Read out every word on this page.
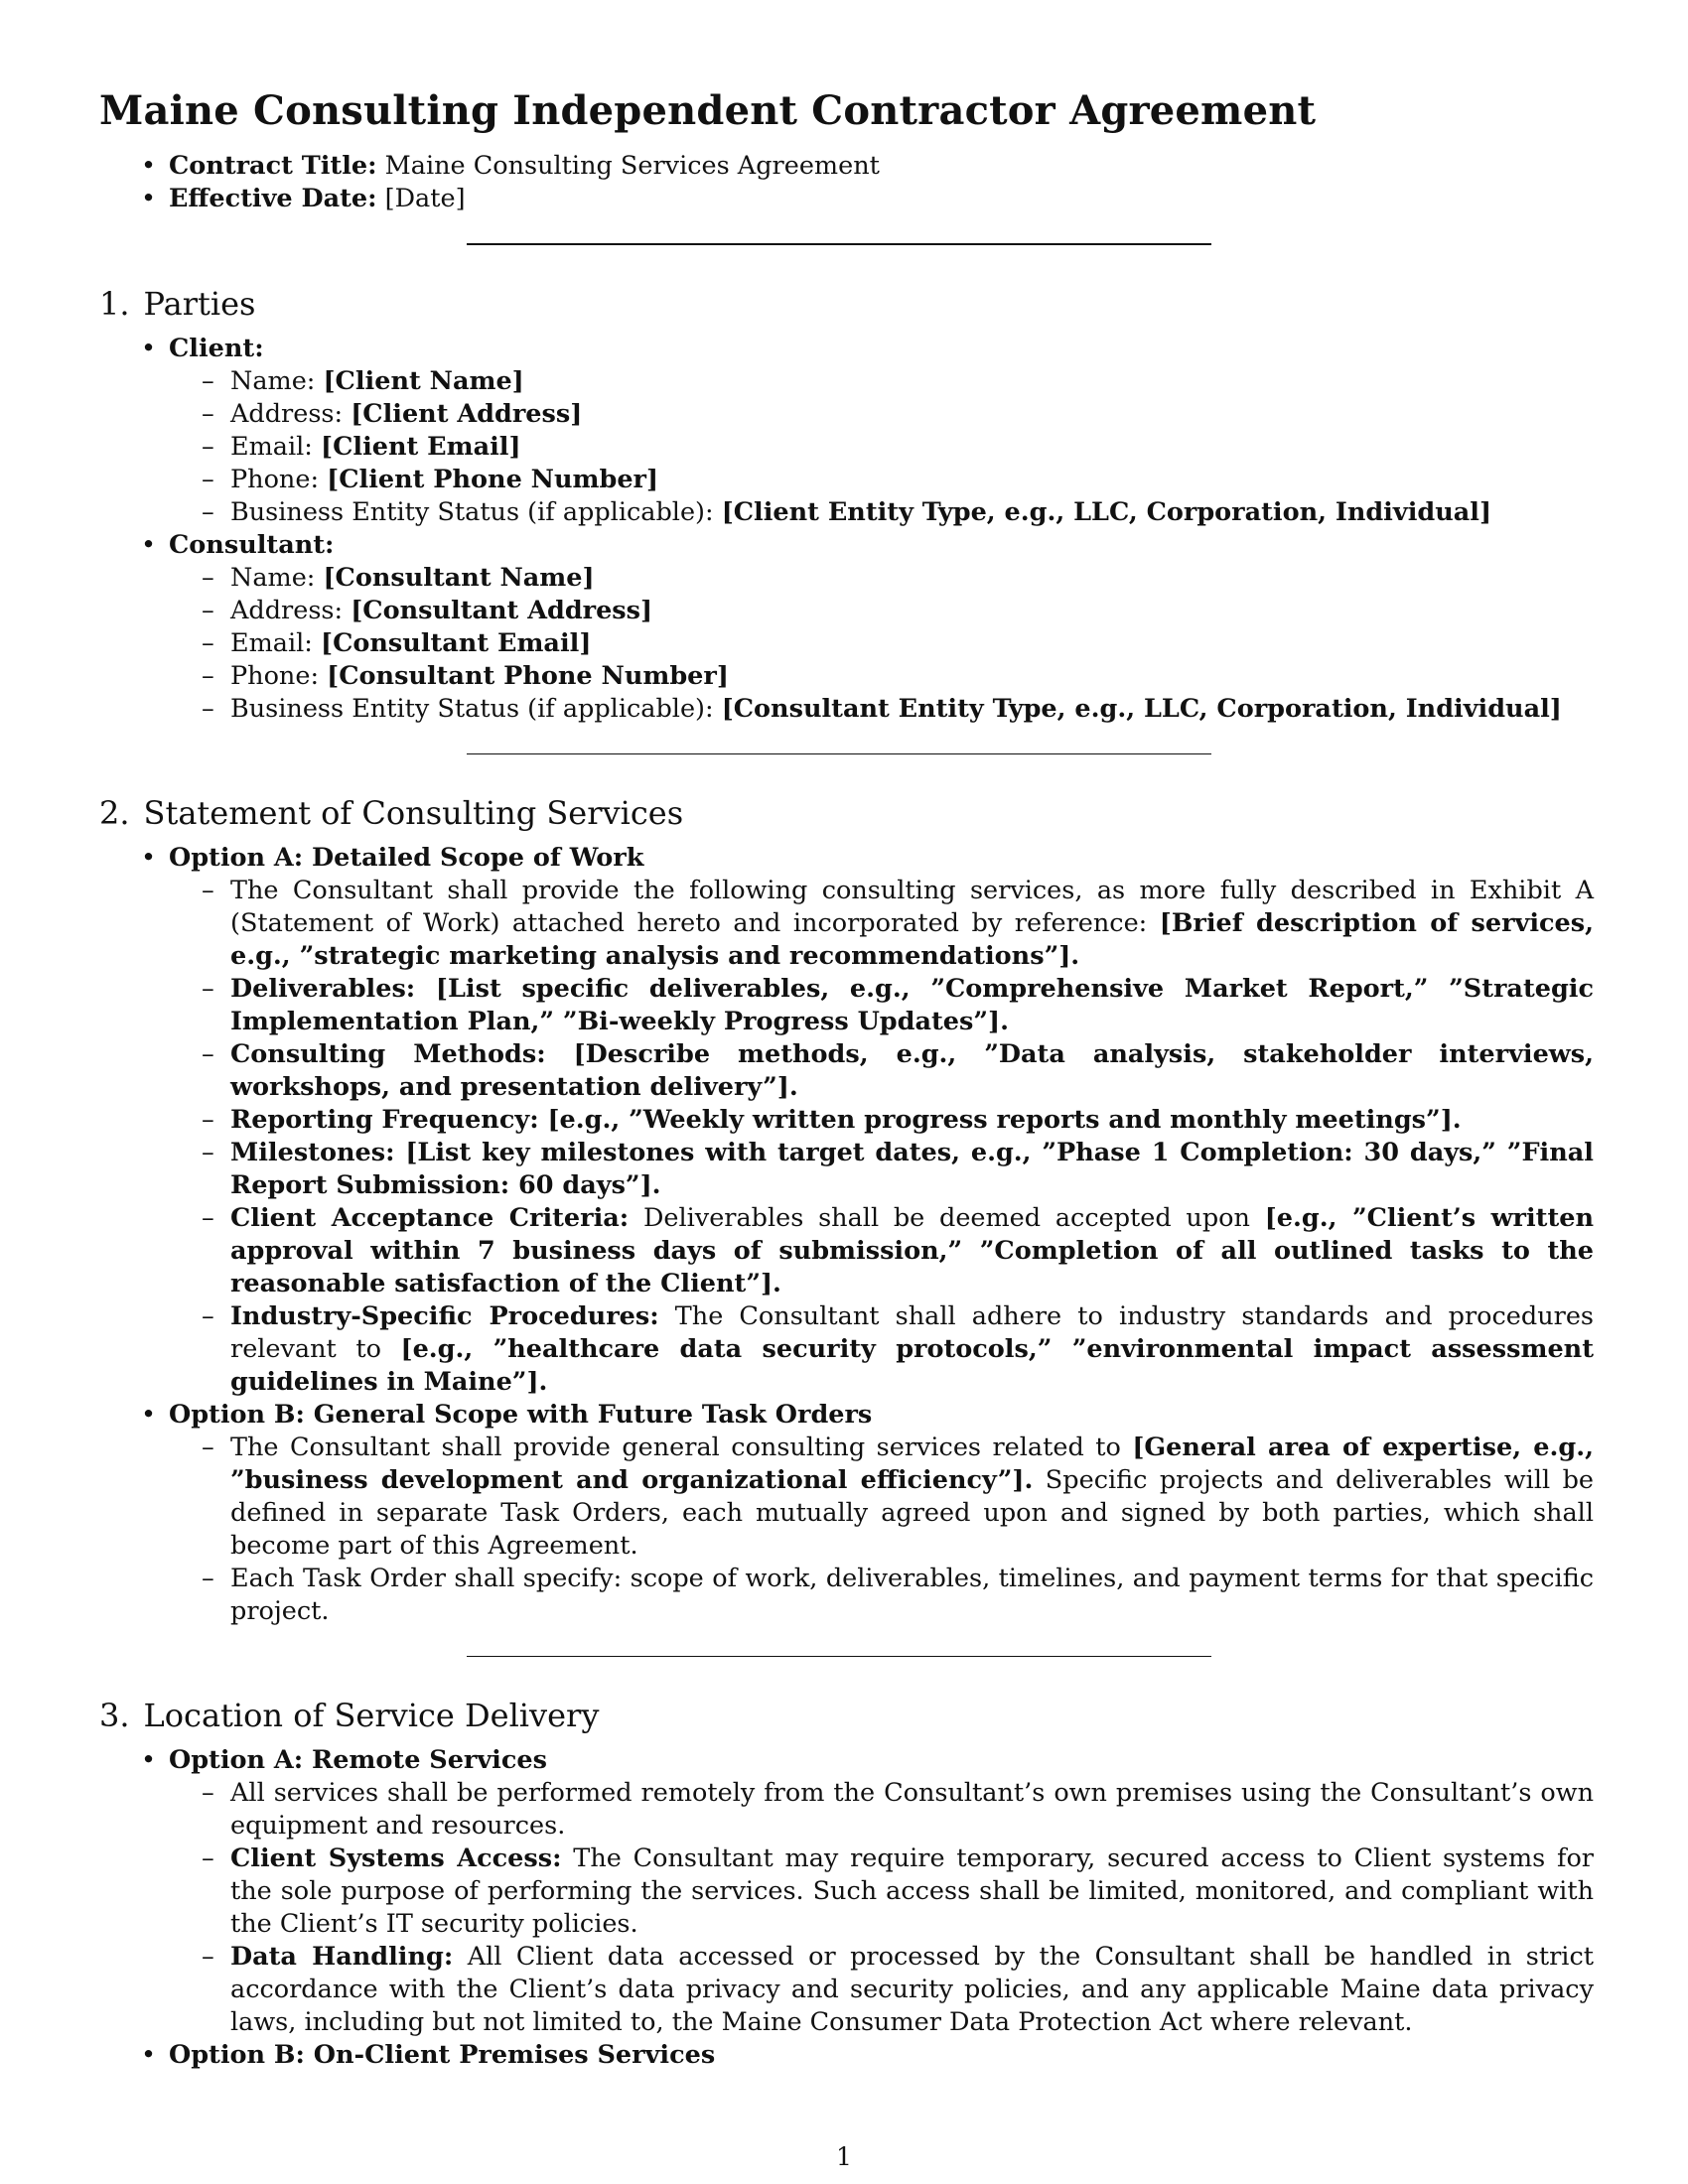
Maine Consulting Independent Contractor Agreement
• Contract Title: Maine Consulting Services Agreement
• Effective Date: [Date]
1. Parties
• Client:
– Name: [Client Name]
– Address: [Client Address]
– Email: [Client Email]
– Phone: [Client Phone Number]
– Business Entity Status (if applicable): [Client Entity Type, e.g., LLC, Corporation, Individual]
• Consultant:
– Name: [Consultant Name]
– Address: [Consultant Address]
– Email: [Consultant Email]
– Phone: [Consultant Phone Number]
– Business Entity Status (if applicable): [Consultant Entity Type, e.g., LLC, Corporation, Individual]
2. Statement of Consulting Services
• Option A: Detailed Scope of Work
– The Consultant shall provide the following consulting services, as more fully described in Exhibit A (Statement of Work) attached hereto and incorporated by reference: [Brief description of services, e.g., ”strategic marketing analysis and recommendations”].
– Deliverables: [List specific deliverables, e.g., ”Comprehensive Market Report,” ”Strategic Implementation Plan,” ”Bi-weekly Progress Updates”].
– Consulting Methods: [Describe methods, e.g., ”Data analysis, stakeholder interviews, workshops, and presentation delivery”].
– Reporting Frequency: [e.g., ”Weekly written progress reports and monthly meetings”].
– Milestones: [List key milestones with target dates, e.g., ”Phase 1 Completion: 30 days,” ”Final Report Submission: 60 days”].
– Client Acceptance Criteria: Deliverables shall be deemed accepted upon [e.g., ”Client’s written approval within 7 business days of submission,” ”Completion of all outlined tasks to the reasonable satisfaction of the Client”].
– Industry-Specific Procedures: The Consultant shall adhere to industry standards and procedures relevant to [e.g., ”healthcare data security protocols,” ”environmental impact assessment guidelines in Maine”].
• Option B: General Scope with Future Task Orders
– The Consultant shall provide general consulting services related to [General area of expertise, e.g., ”business development and organizational efficiency”]. Specific projects and deliverables will be defined in separate Task Orders, each mutually agreed upon and signed by both parties, which shall become part of this Agreement.
– Each Task Order shall specify: scope of work, deliverables, timelines, and payment terms for that specific project.
3. Location of Service Delivery
• Option A: Remote Services
– All services shall be performed remotely from the Consultant’s own premises using the Consultant’s own equipment and resources.
– Client Systems Access: The Consultant may require temporary, secured access to Client systems for the sole purpose of performing the services. Such access shall be limited, monitored, and compliant with the Client’s IT security policies.
– Data Handling: All Client data accessed or processed by the Consultant shall be handled in strict accordance with the Client’s data privacy and security policies, and any applicable Maine data privacy laws, including but not limited to, the Maine Consumer Data Protection Act where relevant.
• Option B: On-Client Premises Services
1
